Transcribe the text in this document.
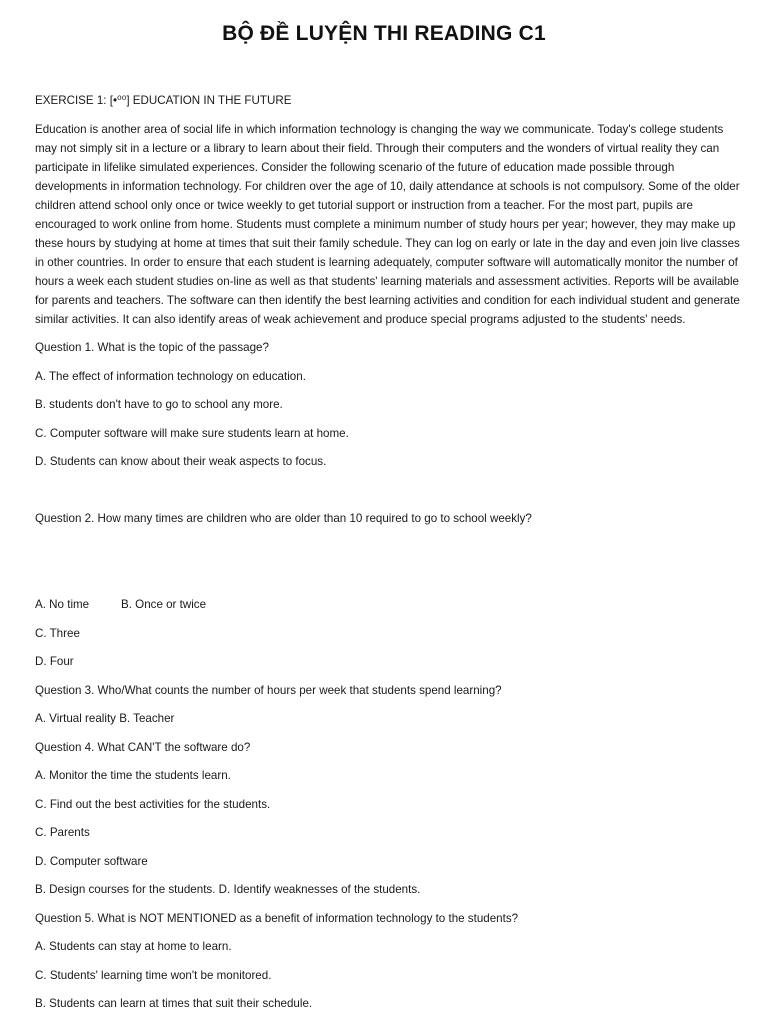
BỘ ĐỀ LUYỆN THI READING C1

EXERCISE 1: [•⁰⁰] EDUCATION IN THE FUTURE

Education is another area of social life in which information technology is changing the way we communicate. Today's college students may not simply sit in a lecture or a library to learn about their field. Through their computers and the wonders of virtual reality they can participate in lifelike simulated experiences. Consider the following scenario of the future of education made possible through developments in information technology. For children over the age of 10, daily attendance at schools is not compulsory. Some of the older children attend school only once or twice weekly to get tutorial support or instruction from a teacher. For the most part, pupils are encouraged to work online from home. Students must complete a minimum number of study hours per year; however, they may make up these hours by studying at home at times that suit their family schedule. They can log on early or late in the day and even join live classes in other countries. In order to ensure that each student is learning adequately, computer software will automatically monitor the number of hours a week each student studies on-line as well as that students' learning materials and assessment activities. Reports will be available for parents and teachers. The software can then identify the best learning activities and condition for each individual student and generate similar activities. It can also identify areas of weak achievement and produce special programs adjusted to the students' needs.

Question 1. What is the topic of the passage?

A. The effect of information technology on education.

B. students don't have to go to school any more.

C. Computer software will make sure students learn at home.

D. Students can know about their weak aspects to focus.

Question 2. How many times are children who are older than 10 required to go to school weekly?

A. No time	B. Once or twice

C. Three

D. Four

Question 3. Who/What counts the number of hours per week that students spend learning?

A. Virtual reality B. Teacher

Question 4. What CAN'T the software do?

A. Monitor the time the students learn.

C. Find out the best activities for the students.

C. Parents

D. Computer software

B. Design courses for the students. D. Identify weaknesses of the students.

Question 5. What is NOT MENTIONED as a benefit of information technology to the students?

A. Students can stay at home to learn.

C. Students' learning time won't be monitored.

B. Students can learn at times that suit their schedule.
